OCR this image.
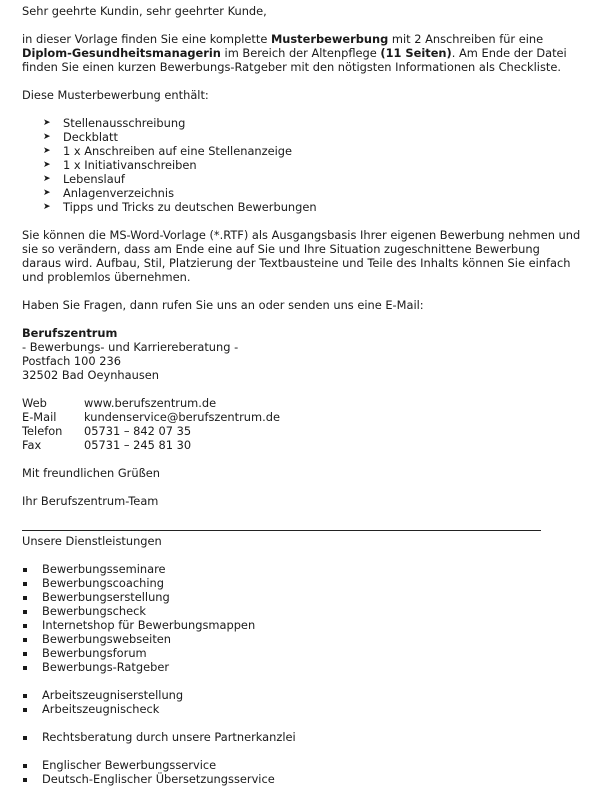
Sehr geehrte Kundin, sehr geehrter Kunde,

in dieser Vorlage finden Sie eine komplette Musterbewerbung mit 2 Anschreiben für eine Diplom-Gesundheitsmanagerin im Bereich der Altenpflege (11 Seiten). Am Ende der Datei finden Sie einen kurzen Bewerbungs-Ratgeber mit den nötigsten Informationen als Checkliste.

Diese Musterbewerbung enthält:

➤	Stellenausschreibung
➤	Deckblatt
➤	1 x Anschreiben auf eine Stellenanzeige
➤	1 x Initiativanschreiben
➤	Lebenslauf
➤	Anlagenverzeichnis
➤	Tipps und Tricks zu deutschen Bewerbungen

Sie können die MS-Word-Vorlage (*.RTF) als Ausgangsbasis Ihrer eigenen Bewerbung nehmen und sie so verändern, dass am Ende eine auf Sie und Ihre Situation zugeschnittene Bewerbung daraus wird. Aufbau, Stil, Platzierung der Textbausteine und Teile des Inhalts können Sie einfach und problemlos übernehmen.

Haben Sie Fragen, dann rufen Sie uns an oder senden uns eine E-Mail:

Berufszentrum

- Bewerbungs- und Karriereberatung -

Postfach 100 236

32502 Bad Oeynhausen

Web	www.berufszentrum.de
E-Mail	kundenservice@berufszentrum.de
Telefon	05731 – 842 07 35
Fax	05731 – 245 81 30

Mit freundlichen Grüßen

Ihr Berufszentrum-Team

Unsere Dienstleistungen

Bewerbungsseminare
Bewerbungscoaching
Bewerbungserstellung
Bewerbungscheck
Internetshop für Bewerbungsmappen
Bewerbungswebseiten
Bewerbungsforum
Bewerbungs-Ratgeber
Arbeitszeugniserstellung
Arbeitszeugnischeck
Rechtsberatung durch unsere Partnerkanzlei
Englischer Bewerbungsservice
Deutsch-Englischer Übersetzungsservice
